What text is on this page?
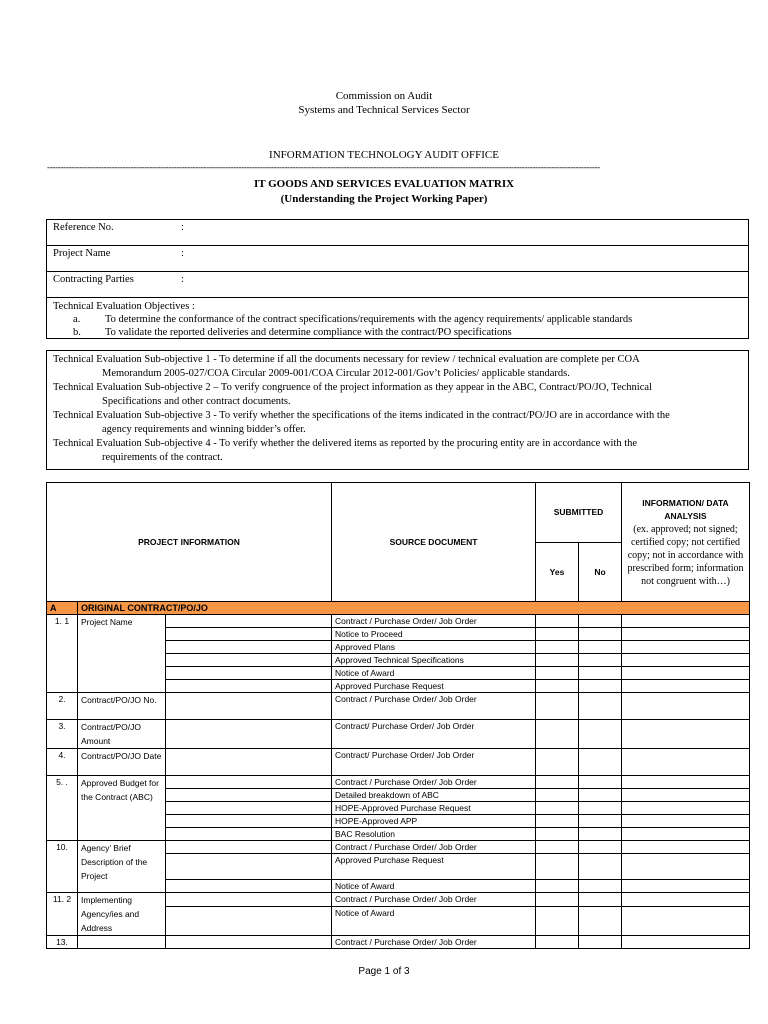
Commission on Audit
Systems and Technical Services Sector
INFORMATION TECHNOLOGY AUDIT OFFICE
-------------------------------------------------------------------------------------------------------------------------------------------------------------------------------------------------------------
IT GOODS AND SERVICES EVALUATION MATRIX
(Understanding the Project Working Paper)
Reference No.	:
Project Name	:
Contracting Parties	:
Technical Evaluation Objectives :
a. To determine the conformance of the contract specifications/requirements with the agency requirements/ applicable standards
b. To validate the reported deliveries and determine compliance with the contract/PO specifications
Technical Evaluation Sub-objective 1 - To determine if all the documents necessary for review / technical evaluation are complete per COA
Memorandum 2005-027/COA Circular 2009-001/COA Circular 2012-001/Gov’t Policies/ applicable standards.
Technical Evaluation Sub-objective 2 – To verify congruence of the project information as they appear in the ABC, Contract/PO/JO, Technical
Specifications and other contract documents.
Technical Evaluation Sub-objective 3 - To verify whether the specifications of the items indicated in the contract/PO/JO are in accordance with the
agency requirements and winning bidder’s offer.
Technical Evaluation Sub-objective 4 - To verify whether the delivered items as reported by the procuring entity are in accordance with the
requirements of the contract.
PROJECT INFORMATION			SOURCE DOCUMENT	SUBMITTED		INFORMATION/ DATA ANALYSIS
(ex. approved; not signed; certified copy; not certified copy; not in accordance with prescribed form; information not congruent with…)

				Yes	No	
A	ORIGINAL CONTRACT/PO/JO					
1. 1	Project Name		Contract / Purchase Order/ Job Order			
			Notice to Proceed			
			Approved Plans			
			Approved Technical Specifications			
			Notice of Award			
			Approved Purchase Request			
2.	Contract/PO/JO No.		Contract / Purchase Order/ Job Order			
3.	Contract/PO/JO Amount		Contract/ Purchase Order/ Job Order			
4.	Contract/PO/JO Date		Contract/ Purchase Order/ Job Order			
5. .	Approved Budget for the Contract (ABC)		Contract / Purchase Order/ Job Order			
			Detailed breakdown of ABC			
			HOPE-Approved Purchase Request			
			HOPE-Approved APP			
			BAC Resolution			
10.	Agency’ Brief Description of the Project		Contract / Purchase Order/ Job Order			
			Approved Purchase Request			
			Notice of Award			
11. 2	Implementing Agency/ies and Address		Contract / Purchase Order/ Job Order			
			Notice of Award			
13.			Contract / Purchase Order/ Job Order			
Page 1 of 3
